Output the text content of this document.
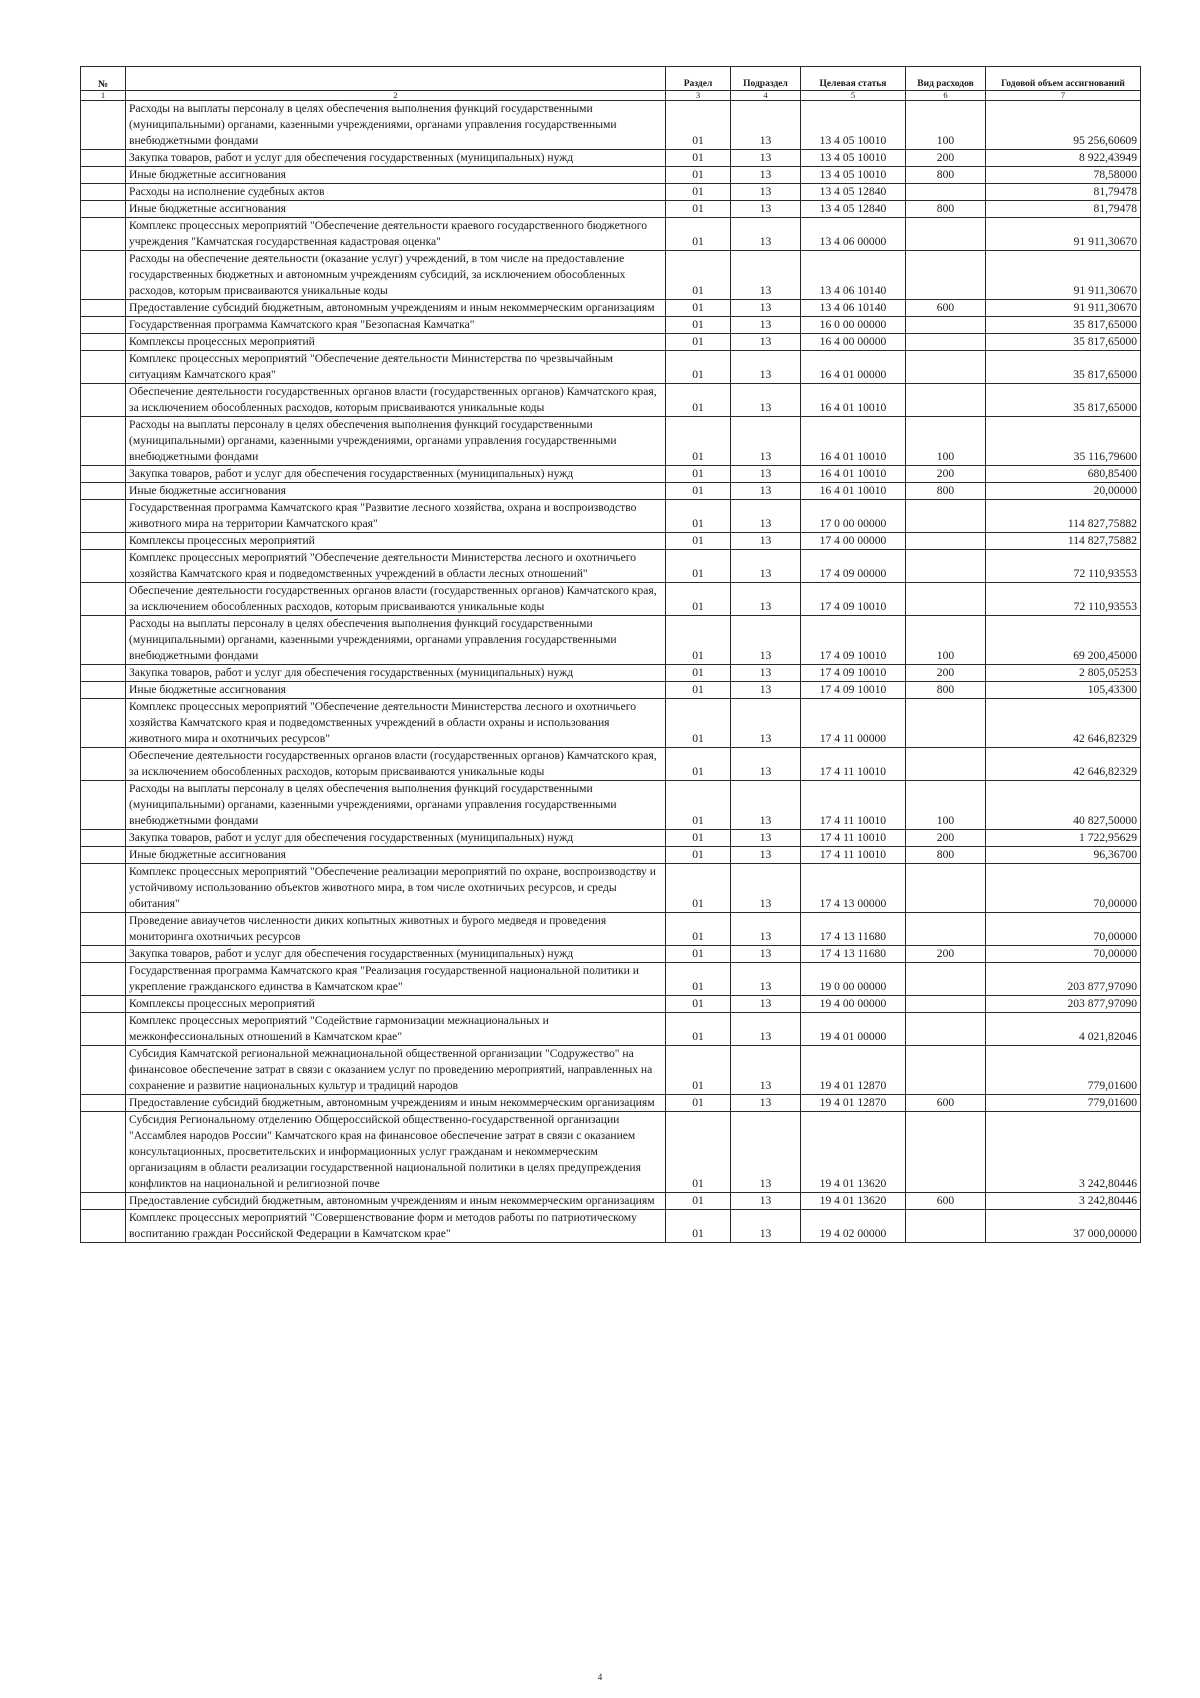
№		Раздел	Подраздел	Целевая статья	Вид расходов	Годовой объем ассигнований
1	2	3	4	5	6	7
	Расходы на выплаты персоналу в целях обеспечения выполнения функций государственными (муниципальными) органами, казенными учреждениями, органами управления государственными внебюджетными фондами	01	13	13 4 05 10010	100	95 256,60609
	Закупка товаров, работ и услуг для обеспечения государственных (муниципальных) нужд	01	13	13 4 05 10010	200	8 922,43949
	Иные бюджетные ассигнования	01	13	13 4 05 10010	800	78,58000
	Расходы на исполнение судебных актов	01	13	13 4 05 12840		81,79478
	Иные бюджетные ассигнования	01	13	13 4 05 12840	800	81,79478
	Комплекс процессных мероприятий "Обеспечение деятельности краевого государственного бюджетного учреждения "Камчатская государственная кадастровая оценка"	01	13	13 4 06 00000		91 911,30670
	Расходы на обеспечение деятельности (оказание услуг) учреждений, в том числе на предоставление государственных бюджетных и автономным учреждениям субсидий, за исключением обособленных расходов, которым присваиваются уникальные коды	01	13	13 4 06 10140		91 911,30670
	Предоставление субсидий бюджетным, автономным учреждениям и иным некоммерческим организациям	01	13	13 4 06 10140	600	91 911,30670
	Государственная программа Камчатского края "Безопасная Камчатка"	01	13	16 0 00 00000		35 817,65000
	Комплексы процессных мероприятий	01	13	16 4 00 00000		35 817,65000
	Комплекс процессных мероприятий "Обеспечение деятельности Министерства по чрезвычайным ситуациям Камчатского края"	01	13	16 4 01 00000		35 817,65000
	Обеспечение деятельности государственных органов власти (государственных органов) Камчатского края, за исключением обособленных расходов, которым присваиваются уникальные коды	01	13	16 4 01 10010		35 817,65000
	Расходы на выплаты персоналу в целях обеспечения выполнения функций государственными (муниципальными) органами, казенными учреждениями, органами управления государственными внебюджетными фондами	01	13	16 4 01 10010	100	35 116,79600
	Закупка товаров, работ и услуг для обеспечения государственных (муниципальных) нужд	01	13	16 4 01 10010	200	680,85400
	Иные бюджетные ассигнования	01	13	16 4 01 10010	800	20,00000
	Государственная программа Камчатского края "Развитие лесного хозяйства, охрана и воспроизводство животного мира на территории Камчатского края"	01	13	17 0 00 00000		114 827,75882
	Комплексы процессных мероприятий	01	13	17 4 00 00000		114 827,75882
	Комплекс процессных мероприятий "Обеспечение деятельности Министерства лесного и охотничьего хозяйства Камчатского края и подведомственных учреждений в области лесных отношений"	01	13	17 4 09 00000		72 110,93553
	Обеспечение деятельности государственных органов власти (государственных органов) Камчатского края, за исключением обособленных расходов, которым присваиваются уникальные коды	01	13	17 4 09 10010		72 110,93553
	Расходы на выплаты персоналу в целях обеспечения выполнения функций государственными (муниципальными) органами, казенными учреждениями, органами управления государственными внебюджетными фондами	01	13	17 4 09 10010	100	69 200,45000
	Закупка товаров, работ и услуг для обеспечения государственных (муниципальных) нужд	01	13	17 4 09 10010	200	2 805,05253
	Иные бюджетные ассигнования	01	13	17 4 09 10010	800	105,43300
	Комплекс процессных мероприятий "Обеспечение деятельности Министерства лесного и охотничьего хозяйства Камчатского края и подведомственных учреждений в области охраны и использования животного мира и охотничьих ресурсов"	01	13	17 4 11 00000		42 646,82329
	Обеспечение деятельности государственных органов власти (государственных органов) Камчатского края, за исключением обособленных расходов, которым присваиваются уникальные коды	01	13	17 4 11 10010		42 646,82329
	Расходы на выплаты персоналу в целях обеспечения выполнения функций государственными (муниципальными) органами, казенными учреждениями, органами управления государственными внебюджетными фондами	01	13	17 4 11 10010	100	40 827,50000
	Закупка товаров, работ и услуг для обеспечения государственных (муниципальных) нужд	01	13	17 4 11 10010	200	1 722,95629
	Иные бюджетные ассигнования	01	13	17 4 11 10010	800	96,36700
	Комплекс процессных мероприятий "Обеспечение реализации мероприятий по охране, воспроизводству и устойчивому использованию объектов животного мира, в том числе охотничьих ресурсов, и среды обитания"	01	13	17 4 13 00000		70,00000
	Проведение авиаучетов численности диких копытных животных и бурого медведя и проведения мониторинга охотничьих ресурсов	01	13	17 4 13 11680		70,00000
	Закупка товаров, работ и услуг для обеспечения государственных (муниципальных) нужд	01	13	17 4 13 11680	200	70,00000
	Государственная программа Камчатского края "Реализация государственной национальной политики и укрепление гражданского единства в Камчатском крае"	01	13	19 0 00 00000		203 877,97090
	Комплексы процессных мероприятий	01	13	19 4 00 00000		203 877,97090
	Комплекс процессных мероприятий "Содействие гармонизации межнациональных и межконфессиональных отношений в Камчатском крае"	01	13	19 4 01 00000		4 021,82046
	Субсидия Камчатской региональной межнациональной общественной организации "Содружество" на финансовое обеспечение затрат в связи с оказанием услуг по проведению мероприятий, направленных на сохранение и развитие национальных культур и традиций народов	01	13	19 4 01 12870		779,01600
	Предоставление субсидий бюджетным, автономным учреждениям и иным некоммерческим организациям	01	13	19 4 01 12870	600	779,01600
	Субсидия Региональному отделению Общероссийской общественно-государственной организации "Ассамблея народов России" Камчатского края на финансовое обеспечение затрат в связи с оказанием консультационных, просветительских и информационных услуг гражданам и некоммерческим организациям в области реализации государственной национальной политики в целях предупреждения конфликтов на национальной и религиозной почве	01	13	19 4 01 13620		3 242,80446
	Предоставление субсидий бюджетным, автономным учреждениям и иным некоммерческим организациям	01	13	19 4 01 13620	600	3 242,80446
	Комплекс процессных мероприятий "Совершенствование форм и методов работы по патриотическому воспитанию граждан Российской Федерации в Камчатском крае"	01	13	19 4 02 00000		37 000,00000
4
